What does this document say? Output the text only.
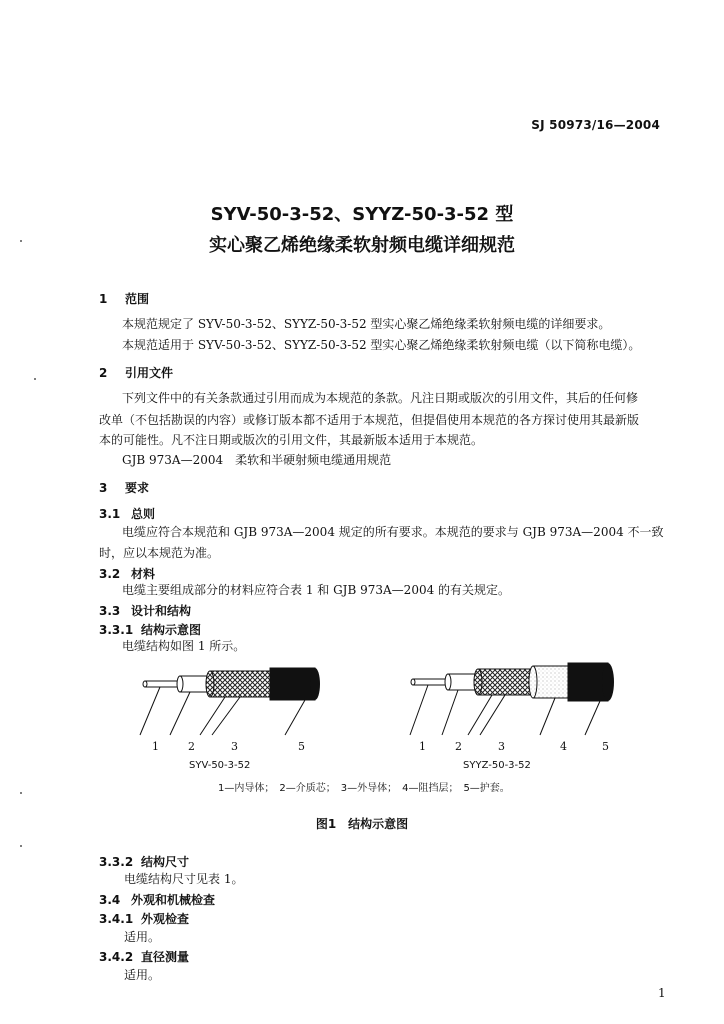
SJ 50973/16—2004
SYV-50-3-52、SYYZ-50-3-52 型
实心聚乙烯绝缘柔软射频电缆详细规范
1 范围
本规范规定了 SYV-50-3-52、SYYZ-50-3-52 型实心聚乙烯绝缘柔软射频电缆的详细要求。
本规范适用于 SYV-50-3-52、SYYZ-50-3-52 型实心聚乙烯绝缘柔软射频电缆（以下简称电缆）。
2 引用文件
下列文件中的有关条款通过引用而成为本规范的条款。凡注日期或版次的引用文件，其后的任何修
改单（不包括勘误的内容）或修订版本都不适用于本规范，但提倡使用本规范的各方探讨使用其最新版
本的可能性。凡不注日期或版次的引用文件，其最新版本适用于本规范。
GJB 973A—2004　柔软和半硬射频电缆通用规范
3 要求
3.1 总则
电缆应符合本规范和 GJB 973A—2004 规定的所有要求。本规范的要求与 GJB 973A—2004 不一致
时，应以本规范为准。
3.2 材料
电缆主要组成部分的材料应符合表 1 和 GJB 973A—2004 的有关规定。
3.3 设计和结构
3.3.1 结构示意图
电缆结构如图 1 所示。
1	2	3	5	1	2	3	4	5
SYV-50-3-52	SYYZ-50-3-52
1—内导体；　2—介质芯；　3—外导体；　4—阻挡层；　5—护套。
图1　结构示意图
3.3.2 结构尺寸
电缆结构尺寸见表 1。
3.4 外观和机械检查
3.4.1 外观检查
适用。
3.4.2 直径测量
适用。
1
